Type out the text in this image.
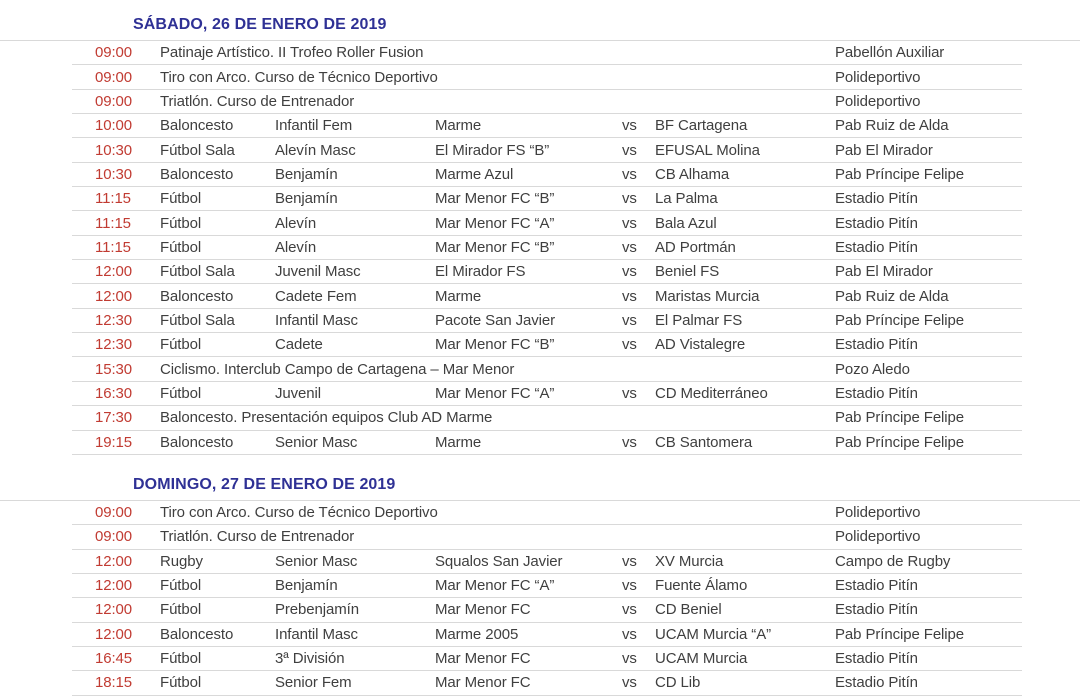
SÁBADO, 26 DE ENERO DE 2019
09:00	Patinaje Artístico. II Trofeo Roller Fusion	Pabellón Auxiliar
09:00	Tiro con Arco. Curso de Técnico Deportivo	Polideportivo
09:00	Triatlón. Curso de Entrenador	Polideportivo
10:00	Baloncesto	Infantil Fem	Marme	vs	BF Cartagena	Pab Ruiz de Alda
10:30	Fútbol Sala	Alevín Masc	El Mirador FS “B”	vs	EFUSAL Molina	Pab El Mirador
10:30	Baloncesto	Benjamín	Marme Azul	vs	CB Alhama	Pab Príncipe Felipe
11:15	Fútbol	Benjamín	Mar Menor FC “B”	vs	La Palma	Estadio Pitín
11:15	Fútbol	Alevín	Mar Menor FC “A”	vs	Bala Azul	Estadio Pitín
11:15	Fútbol	Alevín	Mar Menor FC “B”	vs	AD Portmán	Estadio Pitín
12:00	Fútbol Sala	Juvenil Masc	El Mirador FS	vs	Beniel FS	Pab El Mirador
12:00	Baloncesto	Cadete Fem	Marme	vs	Maristas Murcia	Pab Ruiz de Alda
12:30	Fútbol Sala	Infantil Masc	Pacote San Javier	vs	El Palmar FS	Pab Príncipe Felipe
12:30	Fútbol	Cadete	Mar Menor FC “B”	vs	AD Vistalegre	Estadio Pitín
15:30	Ciclismo. Interclub Campo de Cartagena – Mar Menor	Pozo Aledo
16:30	Fútbol	Juvenil	Mar Menor FC “A”	vs	CD Mediterráneo	Estadio Pitín
17:30	Baloncesto. Presentación equipos Club AD Marme	Pab Príncipe Felipe
19:15	Baloncesto	Senior Masc	Marme	vs	CB Santomera	Pab Príncipe Felipe
DOMINGO, 27 DE ENERO DE 2019
09:00	Tiro con Arco. Curso de Técnico Deportivo	Polideportivo
09:00	Triatlón. Curso de Entrenador	Polideportivo
12:00	Rugby	Senior Masc	Squalos San Javier	vs	XV Murcia	Campo de Rugby
12:00	Fútbol	Benjamín	Mar Menor FC “A”	vs	Fuente Álamo	Estadio Pitín
12:00	Fútbol	Prebenjamín	Mar Menor FC	vs	CD Beniel	Estadio Pitín
12:00	Baloncesto	Infantil Masc	Marme 2005	vs	UCAM Murcia “A”	Pab Príncipe Felipe
16:45	Fútbol	3ª División	Mar Menor FC	vs	UCAM Murcia	Estadio Pitín
18:15	Fútbol	Senior Fem	Mar Menor FC	vs	CD Lib	Estadio Pitín
